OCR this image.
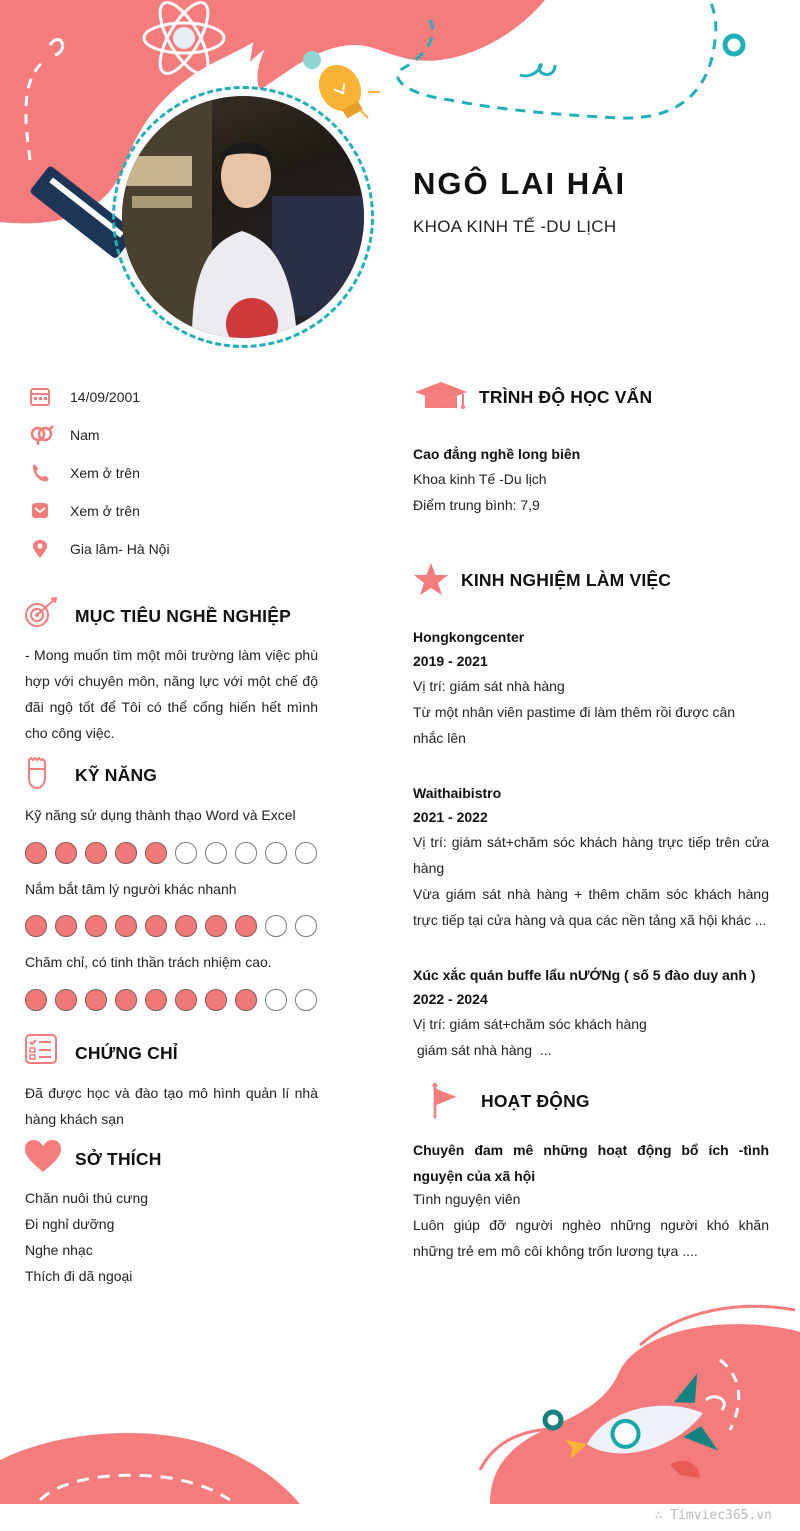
NGÔ LAI HẢI
KHOA KINH TẾ -DU LỊCH
14/09/2001
Nam
Xem ở trên
Xem ở trên
Gia lâm- Hà Nội
MỤC TIÊU NGHỀ NGHIỆP
- Mong muốn tìm một môi trường làm việc phù hợp với chuyên môn, năng lực với một chế độ đãi ngộ tốt để Tôi có thể cống hiến hết mình cho công việc.
KỸ NĂNG
Kỹ năng sử dụng thành thạo Word và Excel
Nắm bắt tâm lý người khác nhanh
Chăm chỉ, có tinh thần trách nhiệm cao.
CHỨNG CHỈ
Đã được học và đào tạo mô hình quản lí nhà hàng khách sạn
SỞ THÍCH
Chăn nuôi thú cưng
Đi nghỉ dưỡng
Nghe nhạc
Thích đi dã ngoại
TRÌNH ĐỘ HỌC VẤN
Cao đẳng nghề long biên
Khoa kinh Tế -Du lịch
Điểm trung bình: 7,9
KINH NGHIỆM LÀM VIỆC
Hongkongcenter
2019 - 2021
Vị trí: giám sát nhà hàng
Từ một nhân viên pastime đi làm thêm rồi được cân nhắc lên
Waithaibistro
2021 - 2022
Vị trí: giám sát+chăm sóc khách hàng trực tiếp trên cửa hàng
Vừa giám sát nhà hàng + thêm chăm sóc khách hàng trực tiếp tại cửa hàng và qua các nền tảng xã hội khác ...
Xúc xắc quán buffe lẩu nƯỚNg ( số 5 đào duy anh )
2022 - 2024
Vị trí: giám sát+chăm sóc khách hàng
giám sát nhà hàng  ...
HOẠT ĐỘNG
Chuyên đam mê những hoạt động bổ ích -tình nguyện của xã hội
Tình nguyện viên
Luôn giúp đỡ người nghèo những người khó khăn những trẻ em mô côi không trốn lương tựa ....
∴ Timviec365.vn
